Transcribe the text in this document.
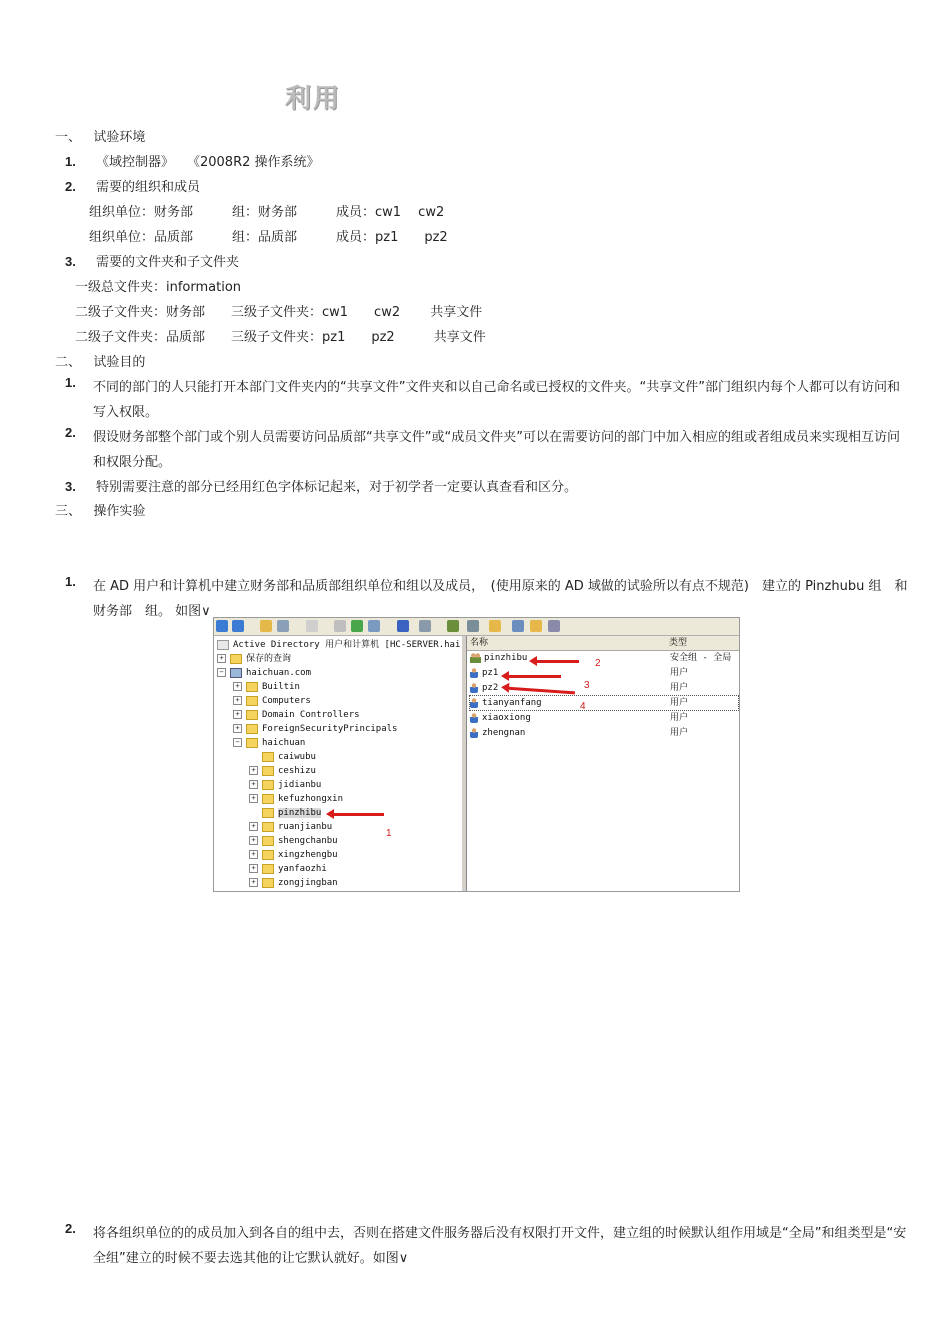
利用
一、 试验环境
1. 《域控制器》　　《2008R2 操作系统》
2. 需要的组织和成员
组织单位：财务部　　　组：财务部　　　成员：cw1　 cw2
组织单位：品质部　　　组：品质部　　　成员：pz1　　pz2
3. 需要的文件夹和子文件夹
一级总文件夹：information
二级子文件夹：财务部　　三级子文件夹：cw1　　cw2　　 共享文件
二级子文件夹：品质部　　三级子文件夹：pz1　　pz2　　　共享文件
二、 试验目的
1. 不同的部门的人只能打开本部门文件夹内的“共享文件”文件夹和以自己命名或已授权的文件夹。“共享文件”部门组织内每个人都可以有访问和写入权限。
2. 假设财务部整个部门或个别人员需要访问品质部“共享文件”或“成员文件夹”可以在需要访问的部门中加入相应的组或者组成员来实现相互访问和权限分配。
3. 特别需要注意的部分已经用红色字体标记起来，对于初学者一定要认真查看和区分。
三、 操作实验
1. 在 AD 用户和计算机中建立财务部和品质部组织单位和组以及成员，　(使用原来的 AD 域做的试验所以有点不规范)　建立的 Pinzhubu 组　和　 财务部　组。 如图∨
Active Directory 用户和计算机 [HC-SERVER.hai
+ 保存的查询
− haichuan.com
+ Builtin
+ Computers
+ Domain Controllers
+ ForeignSecurityPrincipals
− haichuan
caiwubu
+ ceshizu
+ jidianbu
+ kefuzhongxin
pinzhibu
+ ruanjianbu
+ shengchanbu
+ xingzhengbu
+ yanfaozhi
+ zongjingban
1
名称	类型
pinzhibu	安全组 - 全局
pz1	用户
pz2	用户
tianyanfang	用户
xiaoxiong	用户
zhengnan	用户
2
3
4
2. 将各组织单位的的成员加入到各自的组中去，否则在搭建文件服务器后没有权限打开文件，建立组的时候默认组作用域是“全局”和组类型是“安全组”建立的时候不要去选其他的让它默认就好。如图∨
